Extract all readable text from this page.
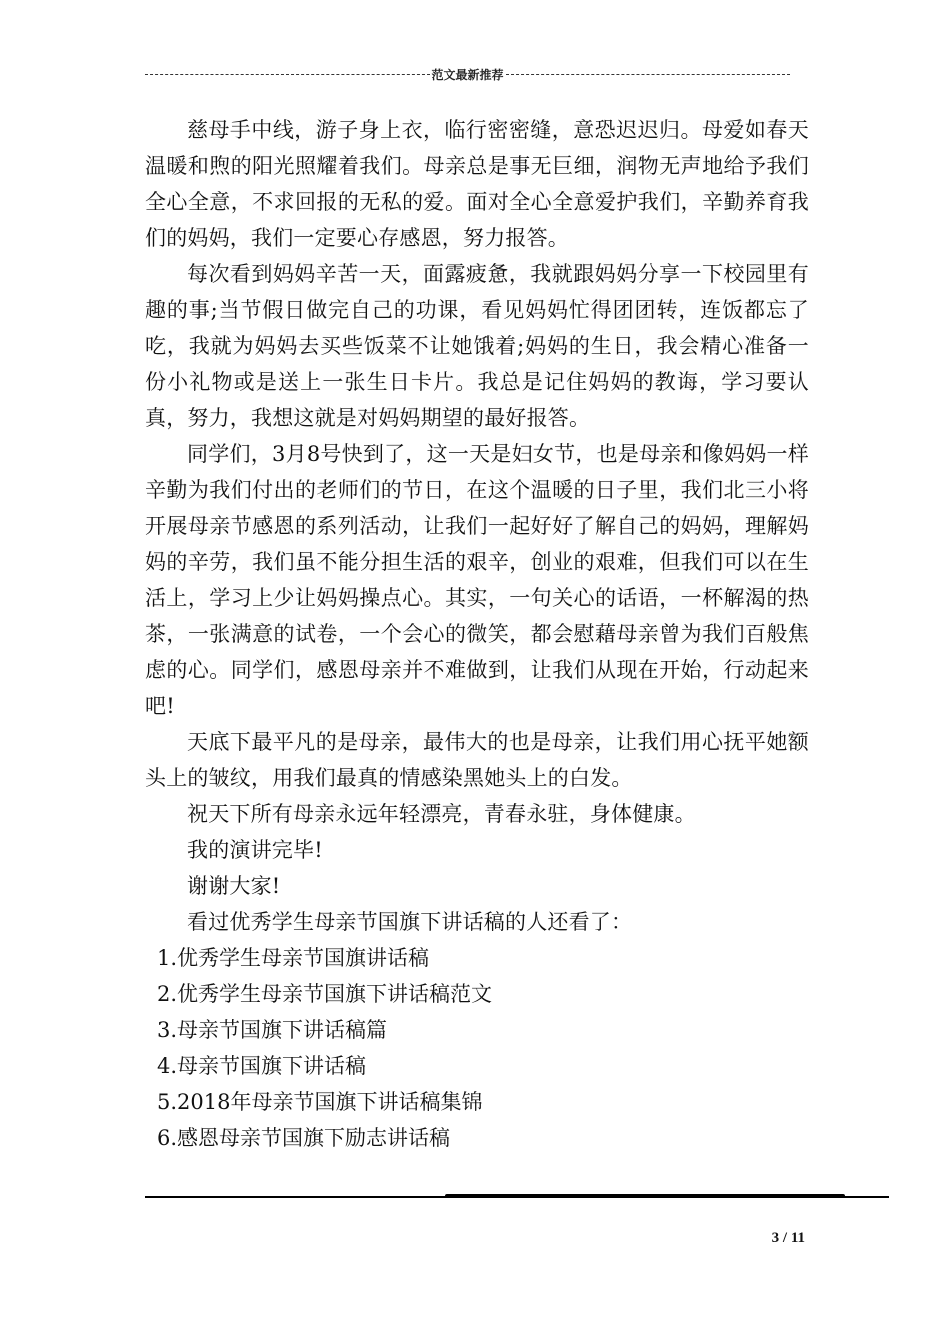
范文最新推荐

慈母手中线，游子身上衣，临行密密缝，意恐迟迟归。母爱如春天温暖和煦的阳光照耀着我们。母亲总是事无巨细，润物无声地给予我们全心全意，不求回报的无私的爱。面对全心全意爱护我们，辛勤养育我们的妈妈，我们一定要心存感恩，努力报答。

每次看到妈妈辛苦一天，面露疲惫，我就跟妈妈分享一下校园里有趣的事;当节假日做完自己的功课，看见妈妈忙得团团转，连饭都忘了吃，我就为妈妈去买些饭菜不让她饿着;妈妈的生日，我会精心准备一份小礼物或是送上一张生日卡片。我总是记住妈妈的教诲，学习要认真，努力，我想这就是对妈妈期望的最好报答。

同学们，3月8号快到了，这一天是妇女节，也是母亲和像妈妈一样辛勤为我们付出的老师们的节日，在这个温暖的日子里，我们北三小将开展母亲节感恩的系列活动，让我们一起好好了解自己的妈妈，理解妈妈的辛劳，我们虽不能分担生活的艰辛，创业的艰难，但我们可以在生活上，学习上少让妈妈操点心。其实，一句关心的话语，一杯解渴的热茶，一张满意的试卷，一个会心的微笑，都会慰藉母亲曾为我们百般焦虑的心。同学们，感恩母亲并不难做到，让我们从现在开始，行动起来吧!

天底下最平凡的是母亲，最伟大的也是母亲，让我们用心抚平她额头上的皱纹，用我们最真的情感染黑她头上的白发。

祝天下所有母亲永远年轻漂亮，青春永驻，身体健康。

我的演讲完毕!

谢谢大家!

看过优秀学生母亲节国旗下讲话稿的人还看了：

1.优秀学生母亲节国旗讲话稿
2.优秀学生母亲节国旗下讲话稿范文
3.母亲节国旗下讲话稿篇
4.母亲节国旗下讲话稿
5.2018年母亲节国旗下讲话稿集锦
6.感恩母亲节国旗下励志讲话稿
3 / 11
